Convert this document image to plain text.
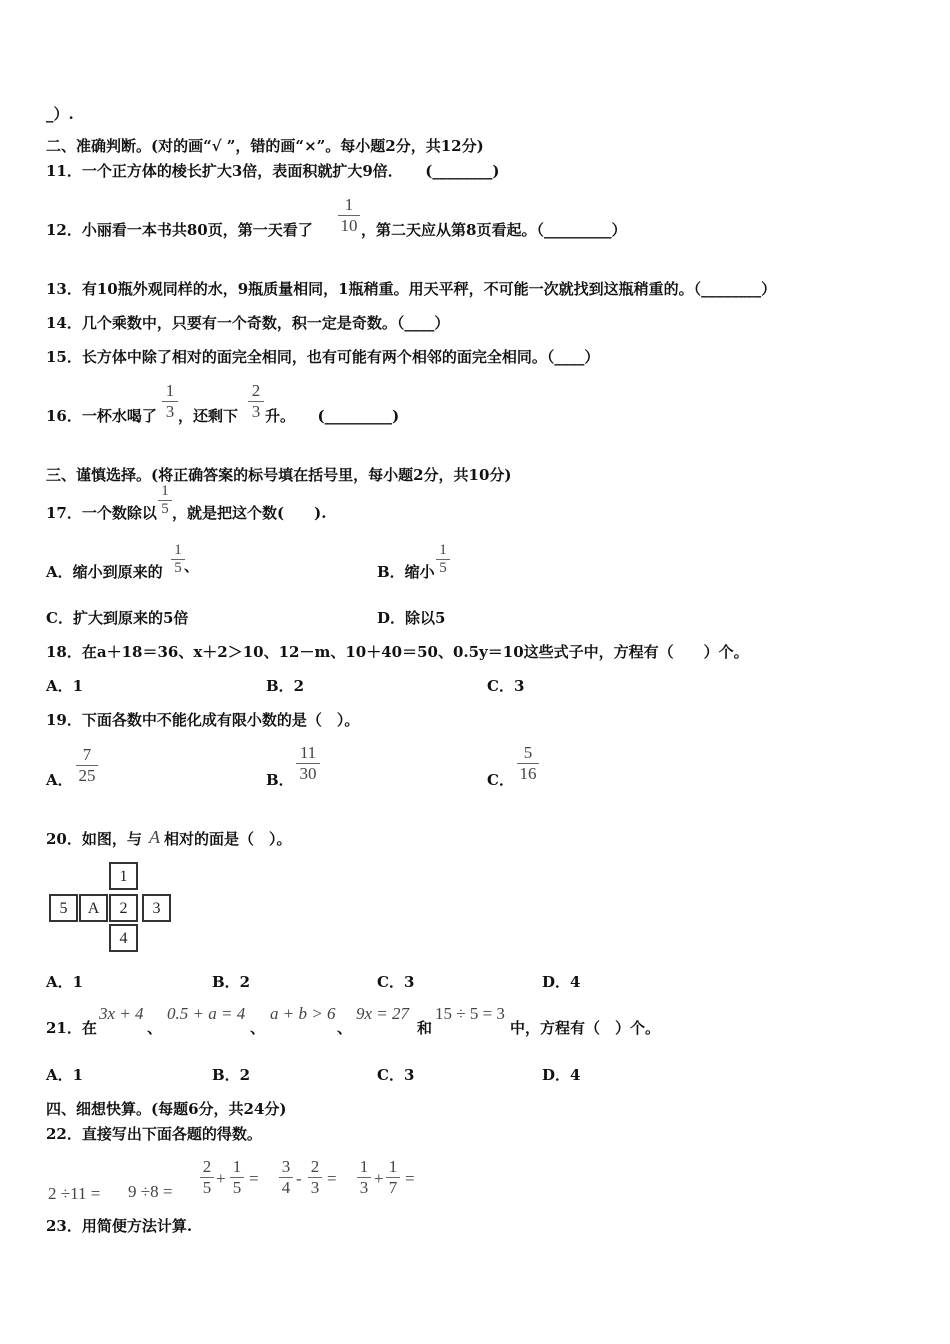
_）.
二、准确判断。(对的画“√ ”，错的画“×”。每小题2分，共12分)
11．一个正方体的棱长扩大3倍，表面积就扩大9倍．　　(________)
12．小丽看一本书共80页，第一天看了
1
10 ，第二天应从第8页看起。（_________）
13．有10瓶外观同样的水，9瓶质量相同，1瓶稍重。用天平秤，不可能一次就找到这瓶稍重的。（________）
14．几个乘数中，只要有一个奇数，积一定是奇数。（____）
15．长方体中除了相对的面完全相同，也有可能有两个相邻的面完全相同。（____）
16．一杯水喝了
1
3 ，还剩下
2
3 升。　　(_________)
三、谨慎选择。(将正确答案的标号填在括号里，每小题2分，共10分)
17．一个数除以
1
5 ，就是把这个数(　　).
A．缩小到原来的
1
5 、	B．缩小
1
5
C．扩大到原来的5倍	D．除以5
18．在a＋18＝36、x＋2＞10、12－m、10＋40＝50、0.5y＝10这些式子中，方程有（　　）个。
A．1	B．2	C．3
19．下面各数中不能化成有限小数的是（　）。
A．
7
25	B．
11
30	C．
5
16
20．如图，与 A 相对的面是（　）。
1
5	A	2	3
4
A．1	B．2	C．3	D．4
21．在
3x + 4
、
0.5 + a = 4
、
a + b > 6
、
9x = 27
和
15 ÷ 5 = 3
中，方程有（　）个。
A．1	B．2	C．3	D．4
四、细想快算。(每题6分，共24分)
22．直接写出下面各题的得数。
2 ÷11 = 9 ÷8 =
2
5 +
1
5 =
3
4 -
2
3 =
1
3 +
1
7 =
23．用简便方法计算.
